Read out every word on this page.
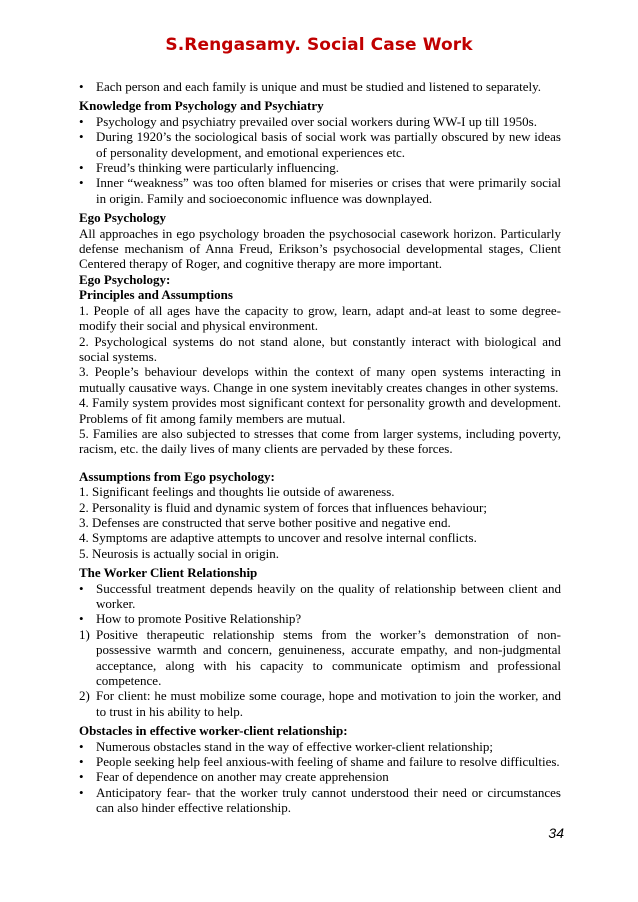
S.Rengasamy. Social Case Work
• Each person and each family is unique and must be studied and listened to separately.
Knowledge from Psychology and Psychiatry
• Psychology and psychiatry prevailed over social workers during WW-I up till 1950s.
• During 1920’s the sociological basis of social work was partially obscured by new ideas of personality development, and emotional experiences etc.
• Freud’s thinking were particularly influencing.
• Inner “weakness” was too often blamed for miseries or crises that were primarily social in origin. Family and socioeconomic influence was downplayed.
Ego Psychology
All approaches in ego psychology broaden the psychosocial casework horizon. Particularly defense mechanism of Anna Freud, Erikson’s psychosocial developmental stages, Client Centered therapy of Roger, and cognitive therapy are more important.
Ego Psychology:
Principles and Assumptions
1. People of all ages have the capacity to grow, learn, adapt and-at least to some degree-modify their social and physical environment.
2. Psychological systems do not stand alone, but constantly interact with biological and social systems.
3. People’s behaviour develops within the context of many open systems interacting in mutually causative ways. Change in one system inevitably creates changes in other systems.
4. Family system provides most significant context for personality growth and development. Problems of fit among family members are mutual.
5. Families are also subjected to stresses that come from larger systems, including poverty, racism, etc. the daily lives of many clients are pervaded by these forces.
Assumptions from Ego psychology:
1. Significant feelings and thoughts lie outside of awareness.
2. Personality is fluid and dynamic system of forces that influences behaviour;
3. Defenses are constructed that serve bother positive and negative end.
4. Symptoms are adaptive attempts to uncover and resolve internal conflicts.
5. Neurosis is actually social in origin.
The Worker Client Relationship
• Successful treatment depends heavily on the quality of relationship between client and worker.
• How to promote Positive Relationship?
1) Positive therapeutic relationship stems from the worker’s demonstration of non-possessive warmth and concern, genuineness, accurate empathy, and non-judgmental acceptance, along with his capacity to communicate optimism and professional competence.
2) For client: he must mobilize some courage, hope and motivation to join the worker, and to trust in his ability to help.
Obstacles in effective worker-client relationship:
• Numerous obstacles stand in the way of effective worker-client relationship;
• People seeking help feel anxious-with feeling of shame and failure to resolve difficulties.
• Fear of dependence on another may create apprehension
• Anticipatory fear- that the worker truly cannot understood their need or circumstances can also hinder effective relationship.
34
